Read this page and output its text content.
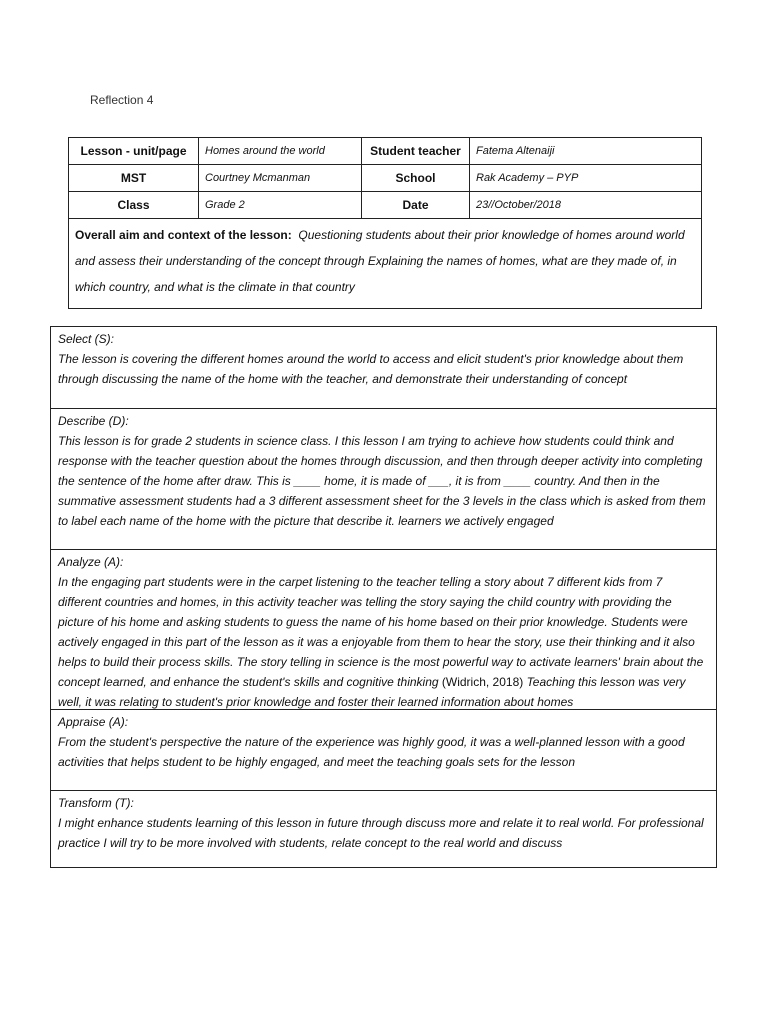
Reflection 4
Lesson - unit/page	Homes around the world	Student teacher	Fatema Altenaiji
MST	Courtney Mcmanman	School	Rak Academy – PYP
Class	Grade 2	Date	23//October/2018
Overall aim and context of the lesson: Questioning students about their prior knowledge of homes around world and assess their understanding of the concept through Explaining the names of homes, what are they made of, in which country, and what is the climate in that country			
Select (S):
The lesson is covering the different homes around the world to access and elicit student's prior knowledge about them through discussing the name of the home with the teacher, and demonstrate their understanding of concept
Describe (D):
This lesson is for grade 2 students in science class. I this lesson I am trying to achieve how students could think and response with the teacher question about the homes through discussion, and then through deeper activity into completing the sentence of the home after draw. This is ____ home, it is made of ___, it is from ____ country. And then in the summative assessment students had a 3 different assessment sheet for the 3 levels in the class which is asked from them to label each name of the home with the picture that describe it. learners we actively engaged
Analyze (A):
In the engaging part students were in the carpet listening to the teacher telling a story about 7 different kids from 7 different countries and homes, in this activity teacher was telling the story saying the child country with providing the picture of his home and asking students to guess the name of his home based on their prior knowledge. Students were actively engaged in this part of the lesson as it was a enjoyable from them to hear the story, use their thinking and it also helps to build their process skills. The story telling in science is the most powerful way to activate learners' brain about the concept learned, and enhance the student's skills and cognitive thinking (Widrich, 2018) Teaching this lesson was very well, it was relating to student's prior knowledge and foster their learned information about homes
Appraise (A):
From the student's perspective the nature of the experience was highly good, it was a well-planned lesson with a good activities that helps student to be highly engaged, and meet the teaching goals sets for the lesson
Transform (T):
I might enhance students learning of this lesson in future through discuss more and relate it to real world. For professional practice I will try to be more involved with students, relate concept to the real world and discuss
